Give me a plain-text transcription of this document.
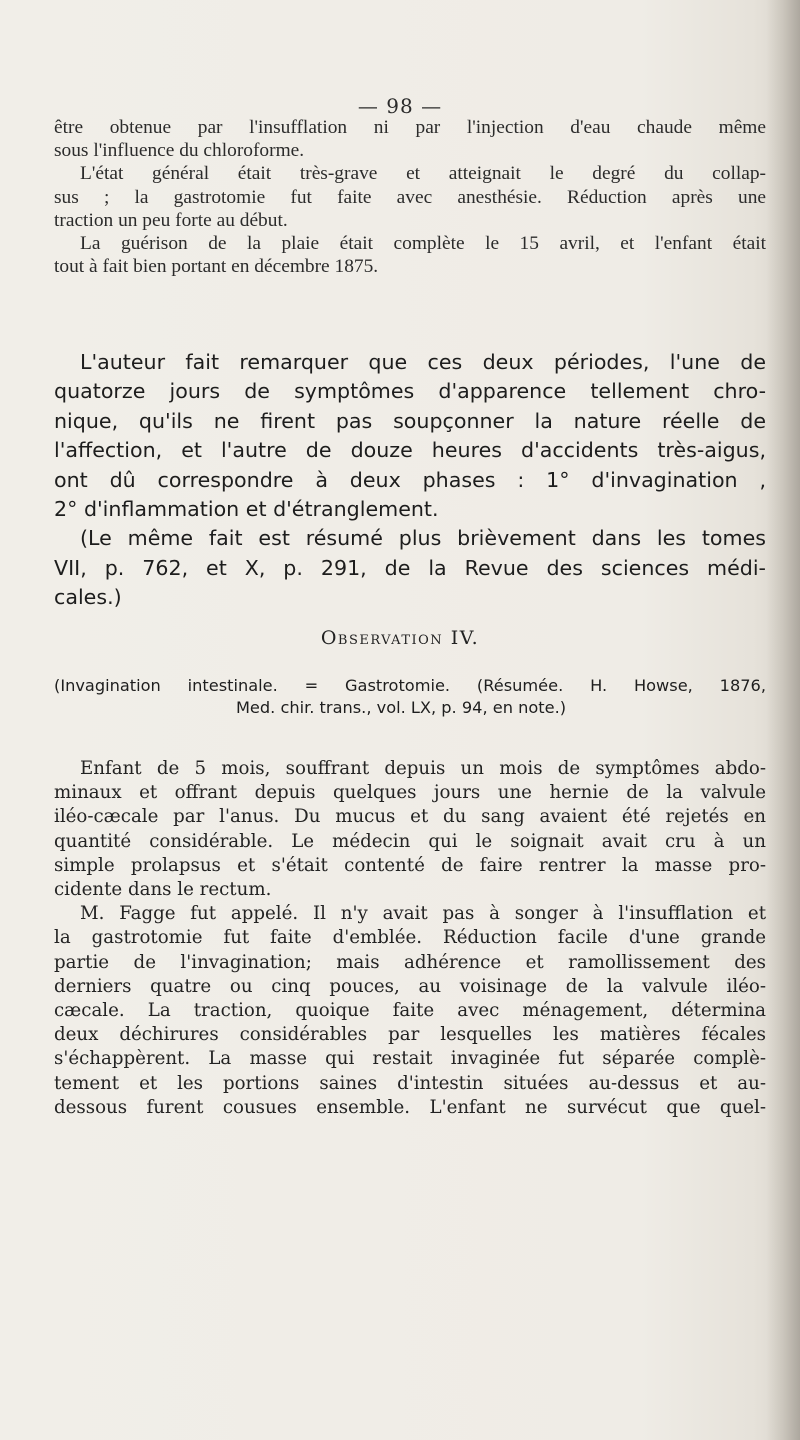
— 98 —
être obtenue par l'insufflation ni par l'injection d'eau chaude même
sous l'influence du chloroforme.
L'état général était très-grave et atteignait le degré du collap-
sus ; la gastrotomie fut faite avec anesthésie. Réduction après une
traction un peu forte au début.
La guérison de la plaie était complète le 15 avril, et l'enfant était
tout à fait bien portant en décembre 1875.
L'auteur fait remarquer que ces deux périodes, l'une de
quatorze jours de symptômes d'apparence tellement chro-
nique, qu'ils ne firent pas soupçonner la nature réelle de
l'affection, et l'autre de douze heures d'accidents très-aigus,
ont dû correspondre à deux phases : 1° d'invagination ,
2° d'inflammation et d'étranglement.
(Le même fait est résumé plus brièvement dans les tomes
VII, p. 762, et X, p. 291, de la Revue des sciences médi-
cales.)
Observation IV.
(Invagination intestinale. = Gastrotomie. (Résumée. H. Howse, 1876,
Med. chir. trans., vol. LX, p. 94, en note.)
Enfant de 5 mois, souffrant depuis un mois de symptômes abdo-
minaux et offrant depuis quelques jours une hernie de la valvule
iléo-cæcale par l'anus. Du mucus et du sang avaient été rejetés en
quantité considérable. Le médecin qui le soignait avait cru à un
simple prolapsus et s'était contenté de faire rentrer la masse pro-
cidente dans le rectum.
M. Fagge fut appelé. Il n'y avait pas à songer à l'insufflation et
la gastrotomie fut faite d'emblée. Réduction facile d'une grande
partie de l'invagination; mais adhérence et ramollissement des
derniers quatre ou cinq pouces, au voisinage de la valvule iléo-
cæcale. La traction, quoique faite avec ménagement, détermina
deux déchirures considérables par lesquelles les matières fécales
s'échappèrent. La masse qui restait invaginée fut séparée complè-
tement et les portions saines d'intestin situées au-dessus et au-
dessous furent cousues ensemble. L'enfant ne survécut que quel-
